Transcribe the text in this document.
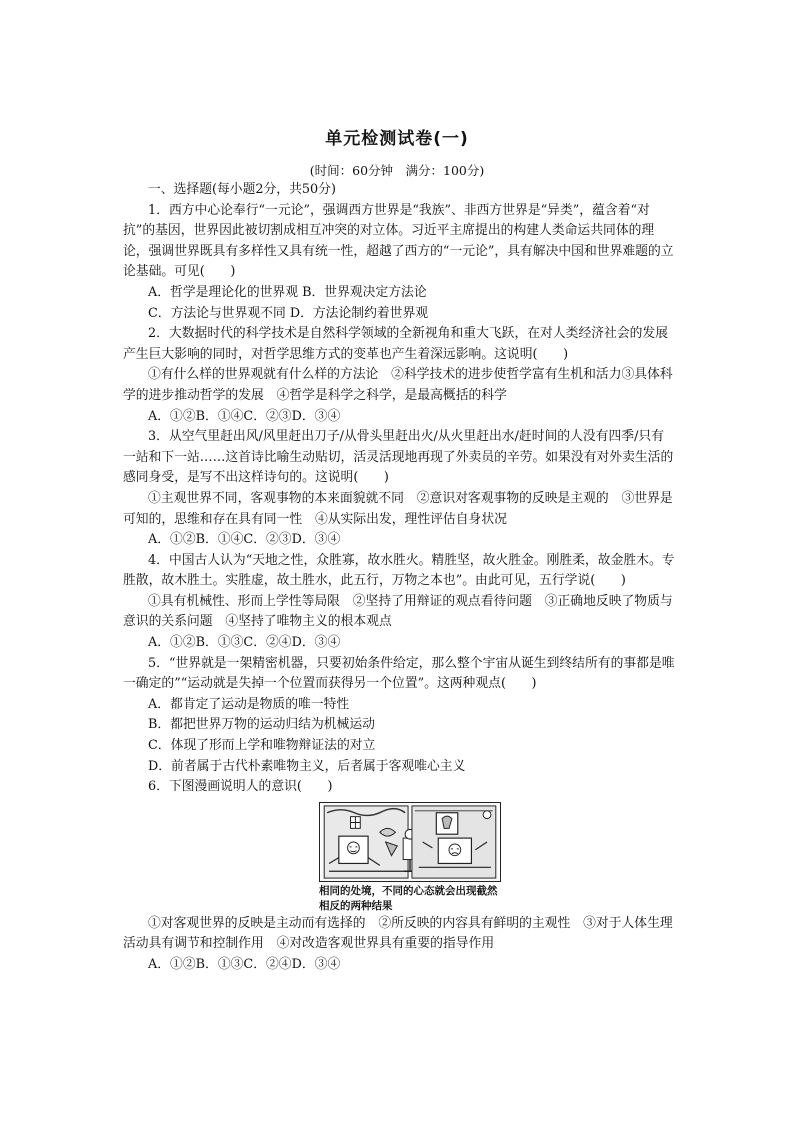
单元检测试卷(一)
(时间：60分钟　满分：100分)

一、选择题(每小题2分，共50分)

1．西方中心论奉行“一元论”，强调西方世界是“我族”、非西方世界是“异类”，蕴含着“对抗”的基因，世界因此被切割成相互冲突的对立体。习近平主席提出的构建人类命运共同体的理论，强调世界既具有多样性又具有统一性，超越了西方的“一元论”，具有解决中国和世界难题的立论基础。可见(　　)

A．哲学是理论化的世界观 B．世界观决定方法论

C．方法论与世界观不同 D．方法论制约着世界观

2．大数据时代的科学技术是自然科学领域的全新视角和重大飞跃，在对人类经济社会的发展产生巨大影响的同时，对哲学思维方式的变革也产生着深远影响。这说明(　　)

①有什么样的世界观就有什么样的方法论　②科学技术的进步使哲学富有生机和活力③具体科学的进步推动哲学的发展　④哲学是科学之科学，是最高概括的科学

A．①②B．①④C．②③D．③④

3．从空气里赶出风/风里赶出刀子/从骨头里赶出火/从火里赶出水/赶时间的人没有四季/只有一站和下一站……这首诗比喻生动贴切，活灵活现地再现了外卖员的辛劳。如果没有对外卖生活的感同身受，是写不出这样诗句的。这说明(　　)

①主观世界不同，客观事物的本来面貌就不同　②意识对客观事物的反映是主观的　③世界是可知的，思维和存在具有同一性　④从实际出发，理性评估自身状况

A．①②B．①④C．②③D．③④

4．中国古人认为“天地之性，众胜寡，故水胜火。精胜坚，故火胜金。刚胜柔，故金胜木。专胜散，故木胜土。实胜虚，故土胜水，此五行，万物之本也”。由此可见，五行学说(　　)

①具有机械性、形而上学性等局限　②坚持了用辩证的观点看待问题　③正确地反映了物质与意识的关系问题　④坚持了唯物主义的根本观点

A．①②B．①③C．②④D．③④

5．“世界就是一架精密机器，只要初始条件给定，那么整个宇宙从诞生到终结所有的事都是唯一确定的”“运动就是失掉一个位置而获得另一个位置”。这两种观点(　　)

A．都肯定了运动是物质的唯一特性

B．都把世界万物的运动归结为机械运动

C．体现了形而上学和唯物辩证法的对立

D．前者属于古代朴素唯物主义，后者属于客观唯心主义

6．下图漫画说明人的意识(　　)

相同的处境，不同的心态就会出现截然相反的两种结果

①对客观世界的反映是主动而有选择的　②所反映的内容具有鲜明的主观性　③对于人体生理活动具有调节和控制作用　④对改造客观世界具有重要的指导作用

A．①②B．①③C．②④D．③④
